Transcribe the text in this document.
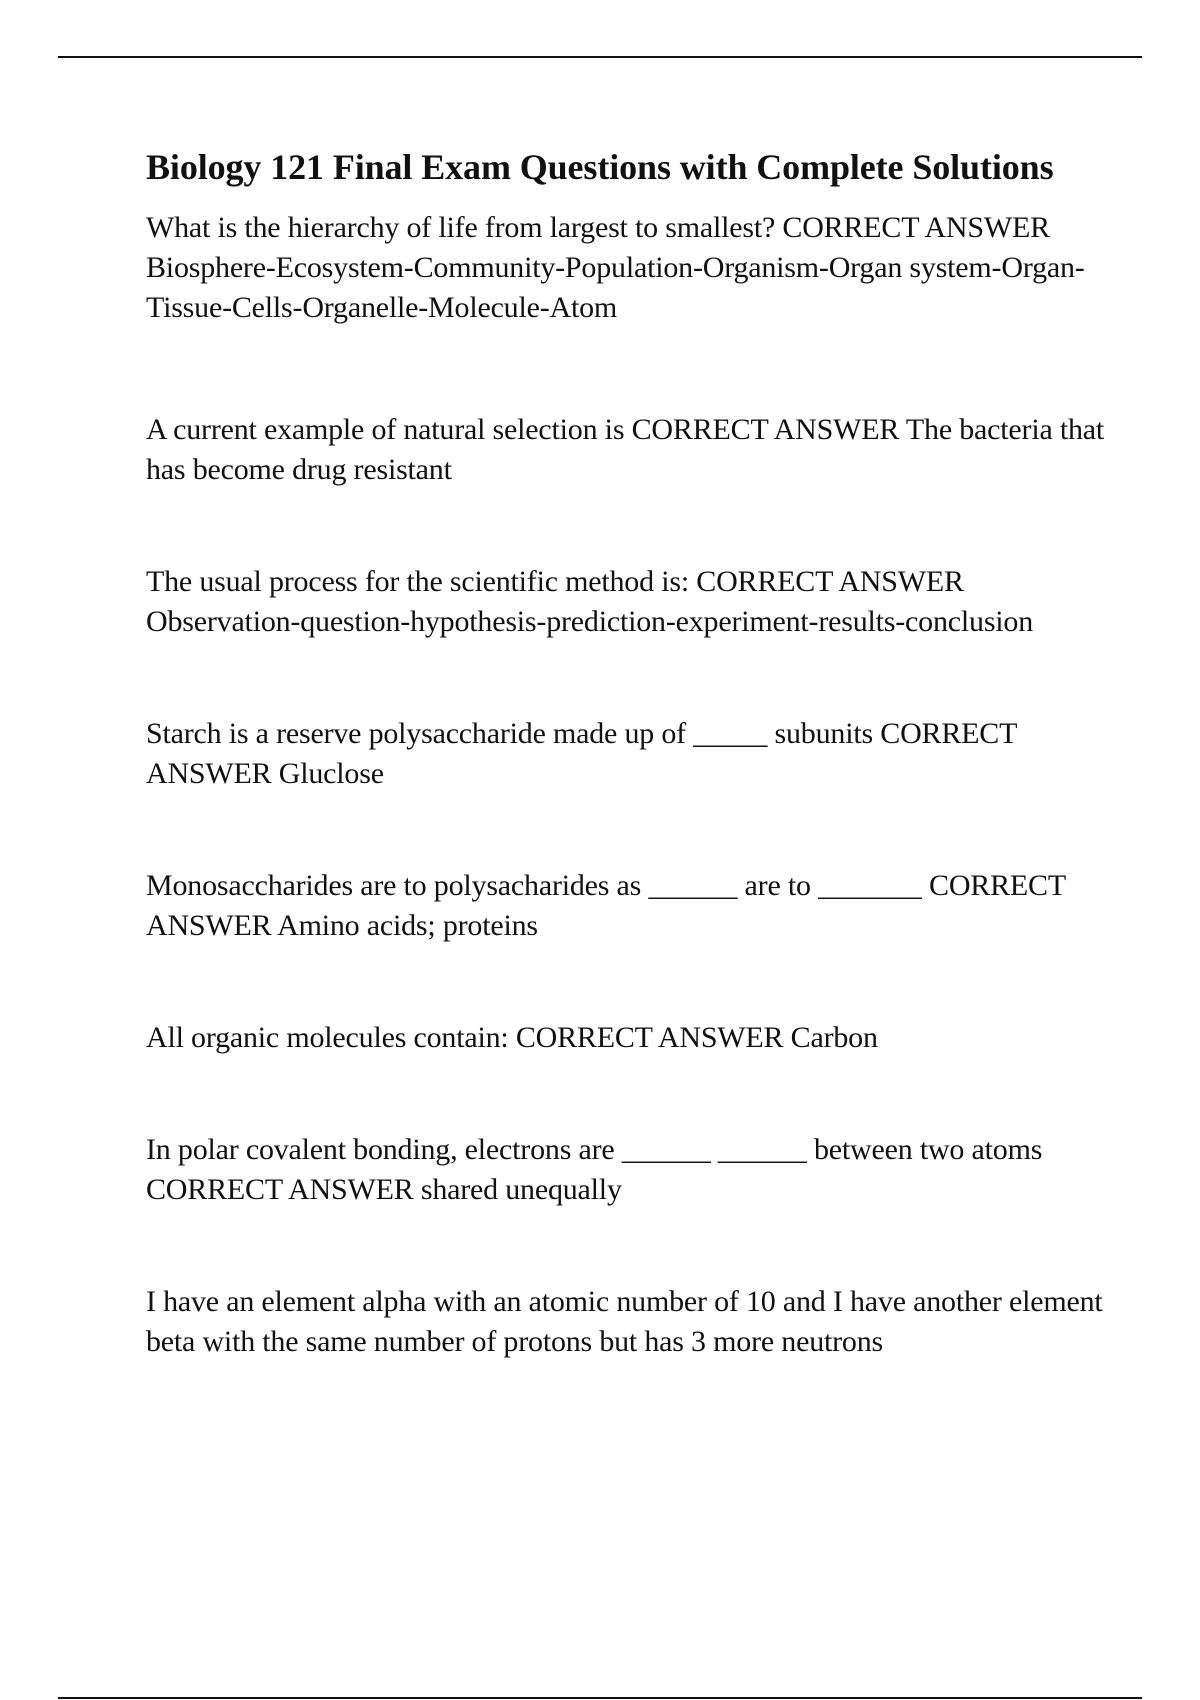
Biology 121 Final Exam Questions with Complete Solutions

What is the hierarchy of life from largest to smallest? CORRECT ANSWER Biosphere-Ecosystem-Community-Population-Organism-Organ system-Organ-Tissue-Cells-Organelle-Molecule-Atom

A current example of natural selection is CORRECT ANSWER The bacteria that has become drug resistant

The usual process for the scientific method is: CORRECT ANSWER Observation-question-hypothesis-prediction-experiment-results-conclusion

Starch is a reserve polysaccharide made up of _____ subunits CORRECT ANSWER Gluclose

Monosaccharides are to polysacharides as ______ are to _______ CORRECT ANSWER Amino acids; proteins

All organic molecules contain: CORRECT ANSWER Carbon

In polar covalent bonding, electrons are ______ ______ between two atoms CORRECT ANSWER shared unequally

I have an element alpha with an atomic number of 10 and I have another element beta with the same number of protons but has 3 more neutrons
